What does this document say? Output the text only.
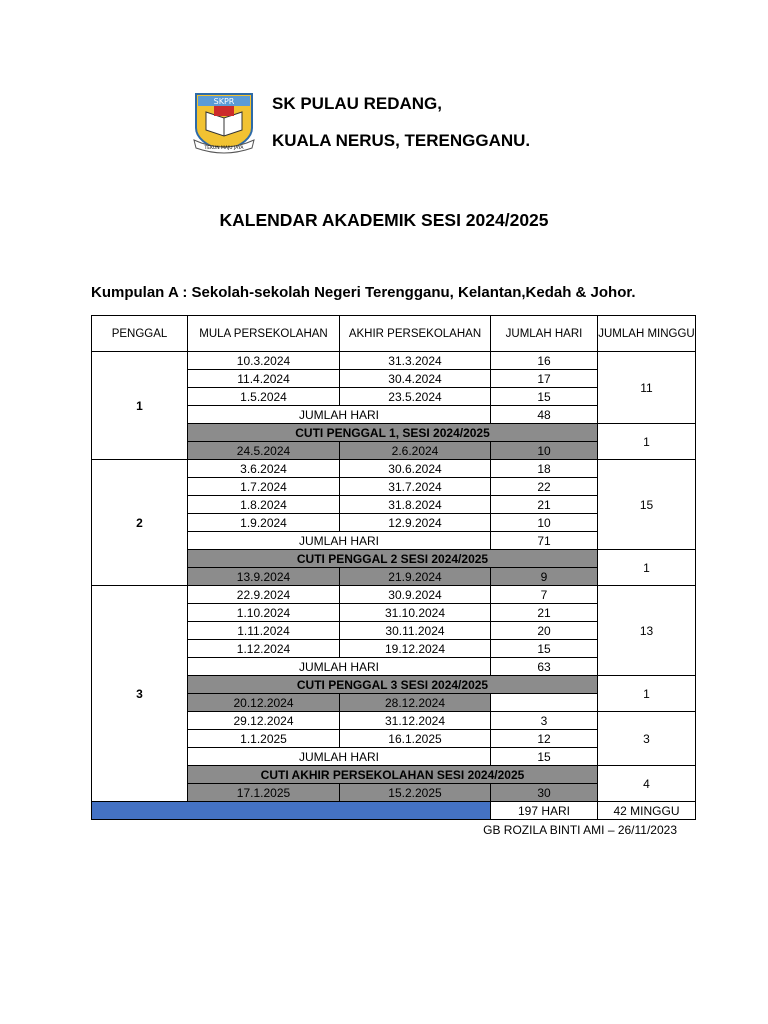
SKPR
TEKUN MAJU JAYA
SK PULAU REDANG,
KUALA NERUS, TERENGGANU.
KALENDAR AKADEMIK SESI 2024/2025
Kumpulan A : Sekolah-sekolah Negeri Terengganu, Kelantan,Kedah & Johor.
PENGGAL	MULA PERSEKOLAHAN	AKHIR PERSEKOLAHAN	JUMLAH HARI	JUMLAH MINGGU
1	10.3.2024	31.3.2024	16	11
	11.4.2024	30.4.2024	17	
	1.5.2024	23.5.2024	15	
	JUMLAH HARI		48	
	CUTI PENGGAL 1, SESI 2024/2025			1
	24.5.2024	2.6.2024	10	
2	3.6.2024	30.6.2024	18	15
	1.7.2024	31.7.2024	22	
	1.8.2024	31.8.2024	21	
	1.9.2024	12.9.2024	10	
	JUMLAH HARI		71	
	CUTI PENGGAL 2 SESI 2024/2025			1
	13.9.2024	21.9.2024	9	
3	22.9.2024	30.9.2024	7	13
	1.10.2024	31.10.2024	21	
	1.11.2024	30.11.2024	20	
	1.12.2024	19.12.2024	15	
	JUMLAH HARI		63	
	CUTI PENGGAL 3 SESI 2024/2025			1
	20.12.2024	28.12.2024		
	29.12.2024	31.12.2024	3	3
	1.1.2025	16.1.2025	12	
	JUMLAH HARI		15	
	CUTI AKHIR PERSEKOLAHAN SESI 2024/2025			4
	17.1.2025	15.2.2025	30	
			197 HARI	42 MINGGU
GB ROZILA BINTI AMI – 26/11/2023
